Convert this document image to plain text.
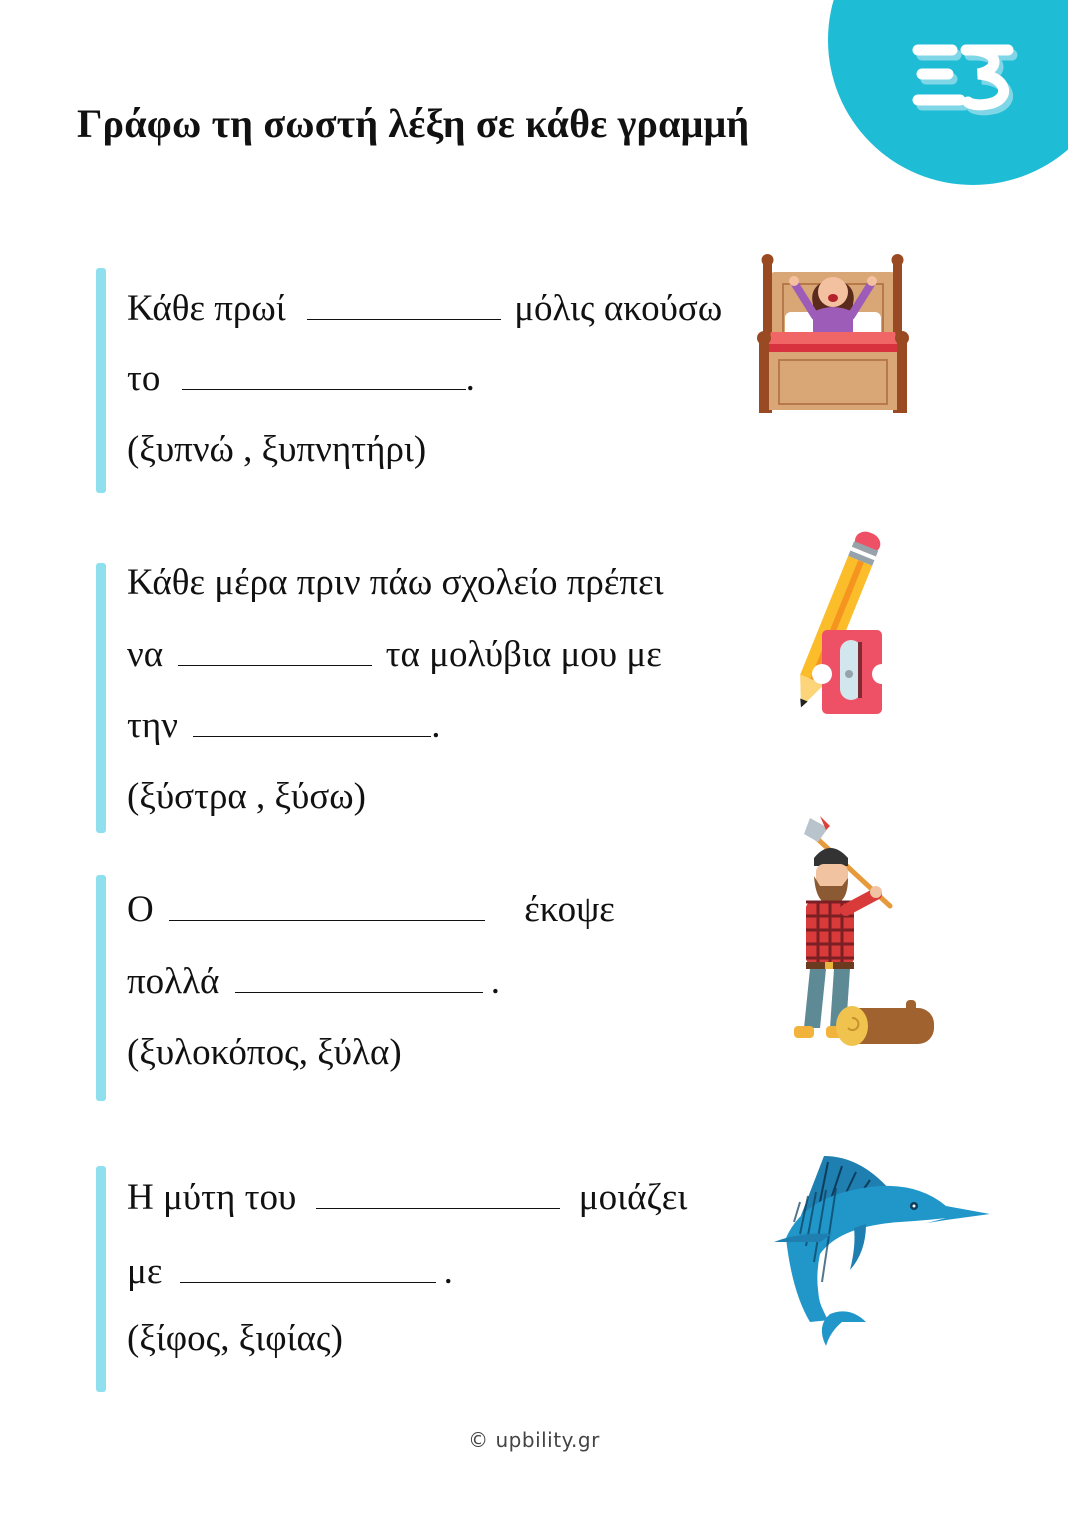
Γράφω τη σωστή λέξη σε κάθε γραμμή
Κάθε πρωί	μόλις ακούσω
το	.
(ξυπνώ , ξυπνητήρι)
Κάθε μέρα πριν πάω σχολείο πρέπει
να	τα μολύβια μου με
την	.
(ξύστρα , ξύσω)
Ο	έκοψε
πολλά	.
(ξυλοκόπος, ξύλα)
Η μύτη του	μοιάζει
με	.
(ξίφος, ξιφίας)
© upbility.gr
